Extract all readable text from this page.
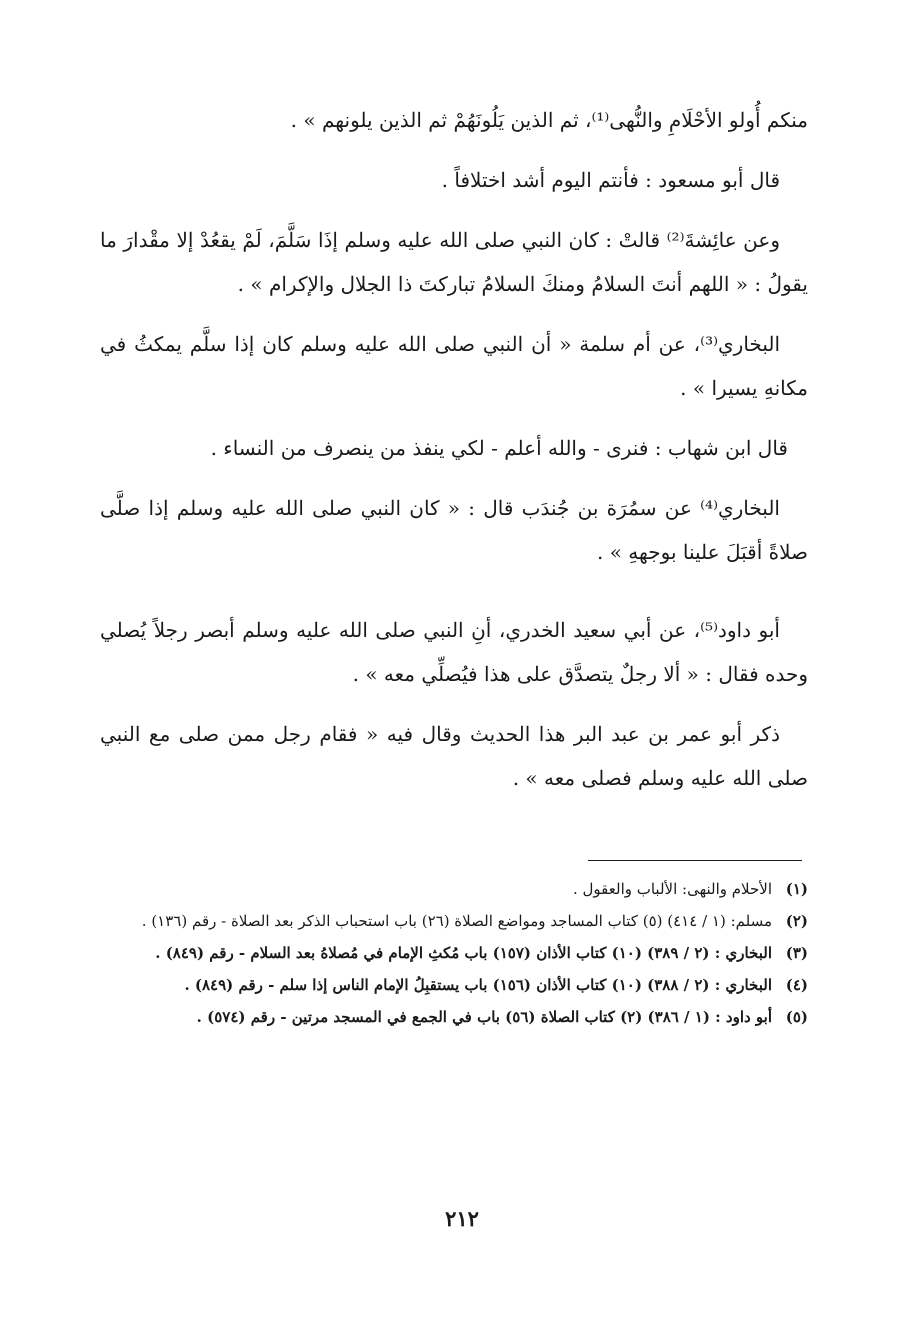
منكم أُولو الأحْلَامِ والنُّهى⁽¹⁾، ثم الذين يَلُونَهُمْ ثم الذين يلونهم » .

قال أبو مسعود : فأنتم اليوم أشد اختلافاً .

وعن عائِشةَ⁽²⁾ قالتْ : كان النبي صلى الله عليه وسلم إذَا سَلَّمَ، لَمْ يقعُدْ إلا مقْدارَ ما يقولُ : « اللهم أنتَ السلامُ ومنكَ السلامُ تباركتَ ذا الجلال والإكرام » .

البخاري⁽³⁾، عن أم سلمة « أن النبي صلى الله عليه وسلم كان إذا سلَّم يمكثُ في مكانهِ يسيرا » .

قال ابن شهاب : فنرى - والله أعلم - لكي ينفذ من ينصرف من النساء .

البخاري⁽⁴⁾ عن سمُرَة بن جُندَب قال : « كان النبي صلى الله عليه وسلم إذا صلَّى صلاةً أقبَلَ علينا بوجههِ » .

أبو داود⁽⁵⁾، عن أبي سعيد الخدري، أنِ النبي صلى الله عليه وسلم أبصر رجلاً يُصلي وحده فقال : « ألا رجلٌ يتصدَّق على هذا فيُصلِّي معه » .

ذكر أبو عمر بن عبد البر هذا الحديث وقال فيه « فقام رجل ممن صلى مع النبي صلى الله عليه وسلم فصلى معه » .

(١)
الأحلام والنهى: الألباب والعقول .
(٢)
مسلم: (١ / ٤١٤) (٥) كتاب المساجد ومواضع الصلاة (٢٦) باب استحباب الذكر بعد الصلاة - رقم (١٣٦) .
(٣)
البخاري : (٢ / ٣٨٩) (١٠) كتاب الأذان (١٥٧) باب مُكثِ الإمام في مُصلاهُ بعد السلام - رقم (٨٤٩) .
(٤)
البخاري : (٢ / ٣٨٨) (١٠) كتاب الأذان (١٥٦) باب يستقبِلُ الإمام الناس إذا سلم - رقم (٨٤٩) .
(٥)
أبو داود : (١ / ٣٨٦) (٢) كتاب الصلاة (٥٦) باب في الجمع في المسجد مرتين - رقم (٥٧٤) .
٢١٢
